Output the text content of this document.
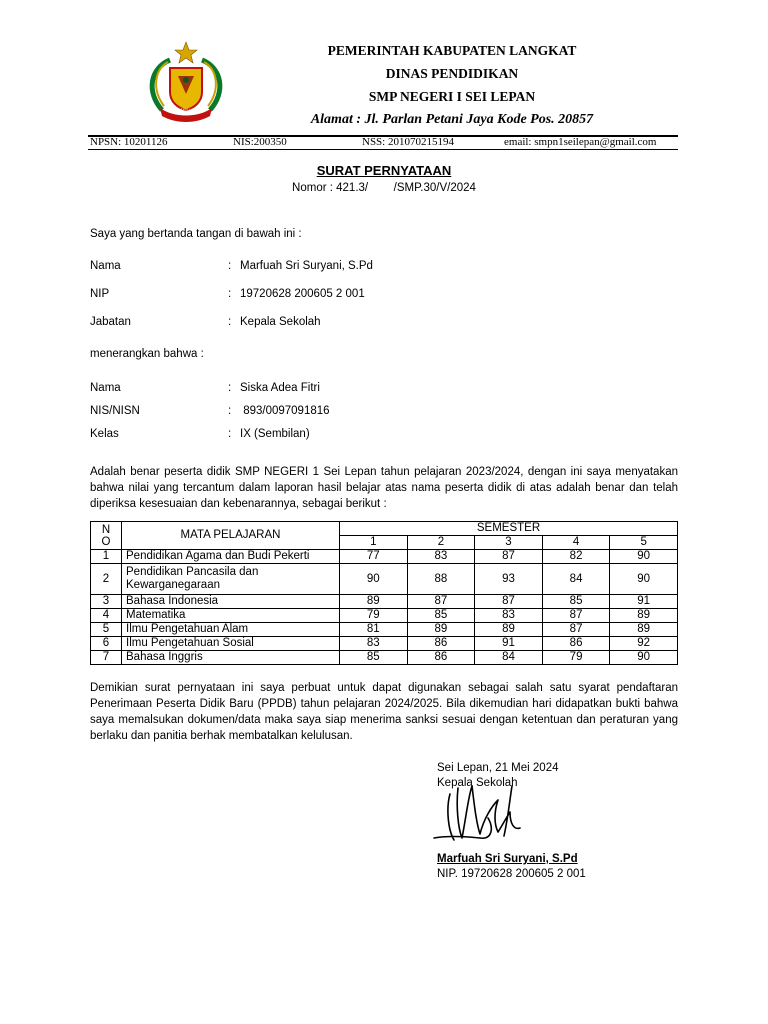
KABUPATEN LANGKAT
PEMERINTAH KABUPATEN LANGKAT
DINAS PENDIDIKAN
SMP NEGERI I SEI LEPAN
Alamat : Jl. Parlan Petani Jaya Kode Pos. 20857
NPSN: 10201126	NIS:200350	NSS: 201070215194	email: smpn1seilepan@gmail.com
SURAT PERNYATAAN
Nomor : 421.3/        /SMP.30/V/2024
Saya yang bertanda tangan di bawah ini :
Nama	: Marfuah Sri Suryani, S.Pd
NIP	: 19720628 200605 2 001
Jabatan	: Kepala Sekolah
menerangkan bahwa :
Nama	: Siska Adea Fitri
NIS/NISN	: 893/0097091816
Kelas	: IX (Sembilan)
Adalah benar peserta didik SMP NEGERI 1 Sei Lepan tahun pelajaran 2023/2024, dengan ini saya menyatakan bahwa nilai yang tercantum dalam laporan hasil belajar atas nama peserta didik di atas adalah benar dan telah diperiksa kesesuaian dan kebenarannya, sebagai berikut :
N
O	MATA PELAJARAN	SEMESTER				
		1	2	3	4	5
1	Pendidikan Agama dan Budi Pekerti	77	83	87	82	90
2	Pendidikan Pancasila dan Kewarganegaraan	90	88	93	84	90
3	Bahasa Indonesia	89	87	87	85	91
4	Matematika	79	85	83	87	89
5	Ilmu Pengetahuan Alam	81	89	89	87	89
6	Ilmu Pengetahuan Sosial	83	86	91	86	92
7	Bahasa Inggris	85	86	84	79	90
Demikian surat pernyataan ini saya perbuat untuk dapat digunakan sebagai salah satu syarat pendaftaran Penerimaan Peserta Didik Baru (PPDB) tahun pelajaran 2024/2025. Bila dikemudian hari didapatkan bukti bahwa saya memalsukan dokumen/data maka saya siap menerima sanksi sesuai dengan ketentuan dan peraturan yang berlaku dan panitia berhak membatalkan kelulusan.
Sei Lepan, 21 Mei 2024
Kepala Sekolah
Marfuah Sri Suryani, S.Pd
NIP. 19720628 200605 2 001
